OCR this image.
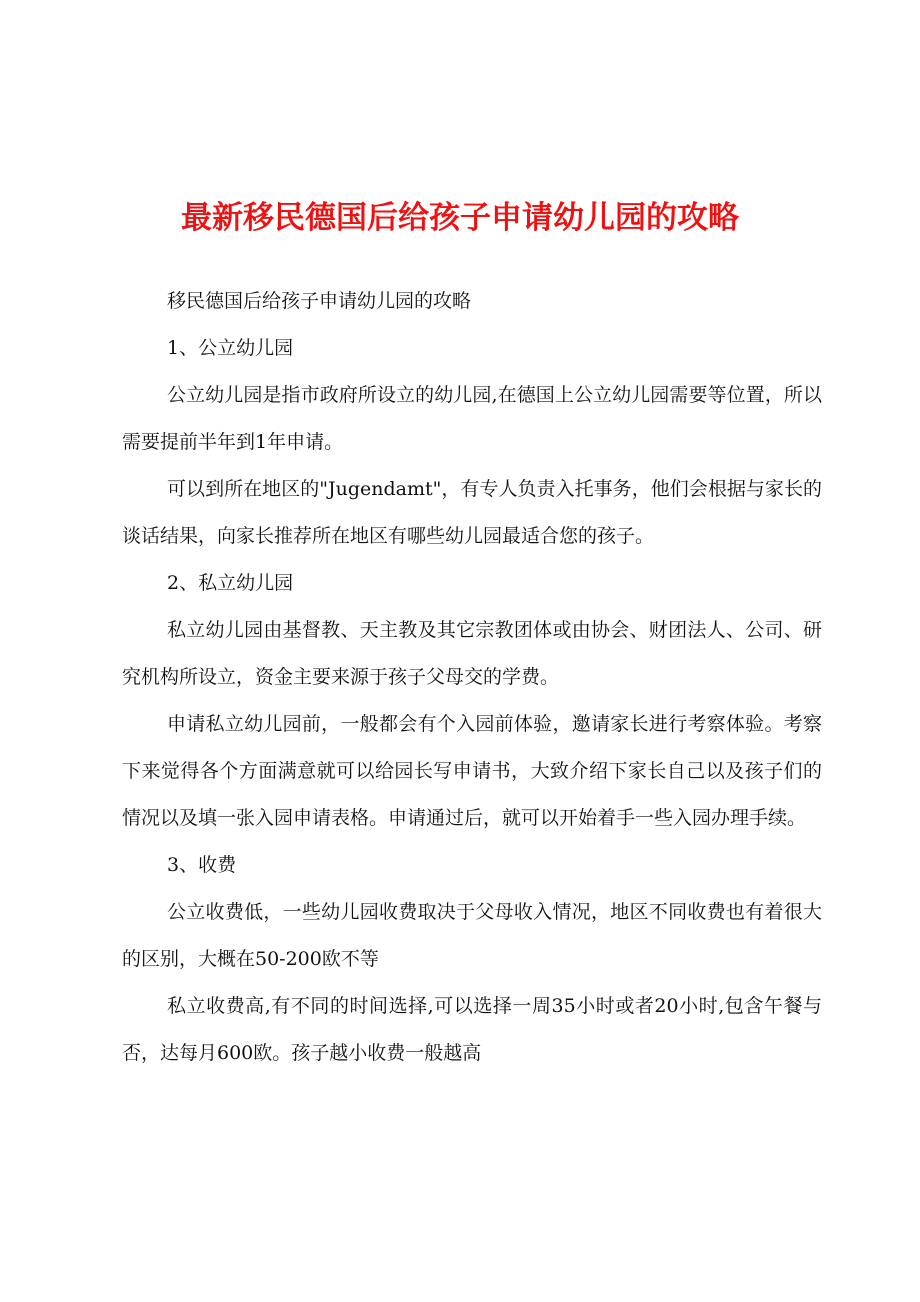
最新移民德国后给孩子申请幼儿园的攻略

移民德国后给孩子申请幼儿园的攻略

1、公立幼儿园

公立幼儿园是指市政府所设立的幼儿园,在德国上公立幼儿园需要等位置，所以需要提前半年到1年申请。

可以到所在地区的"Jugendamt"，有专人负责入托事务，他们会根据与家长的谈话结果，向家长推荐所在地区有哪些幼儿园最适合您的孩子。

2、私立幼儿园

私立幼儿园由基督教、天主教及其它宗教团体或由协会、财团法人、公司、研究机构所设立，资金主要来源于孩子父母交的学费。

申请私立幼儿园前，一般都会有个入园前体验，邀请家长进行考察体验。考察下来觉得各个方面满意就可以给园长写申请书，大致介绍下家长自己以及孩子们的情况以及填一张入园申请表格。申请通过后，就可以开始着手一些入园办理手续。

3、收费

公立收费低，一些幼儿园收费取决于父母收入情况，地区不同收费也有着很大的区别，大概在50-200欧不等

私立收费高,有不同的时间选择,可以选择一周35小时或者20小时,包含午餐与否，达每月600欧。孩子越小收费一般越高
